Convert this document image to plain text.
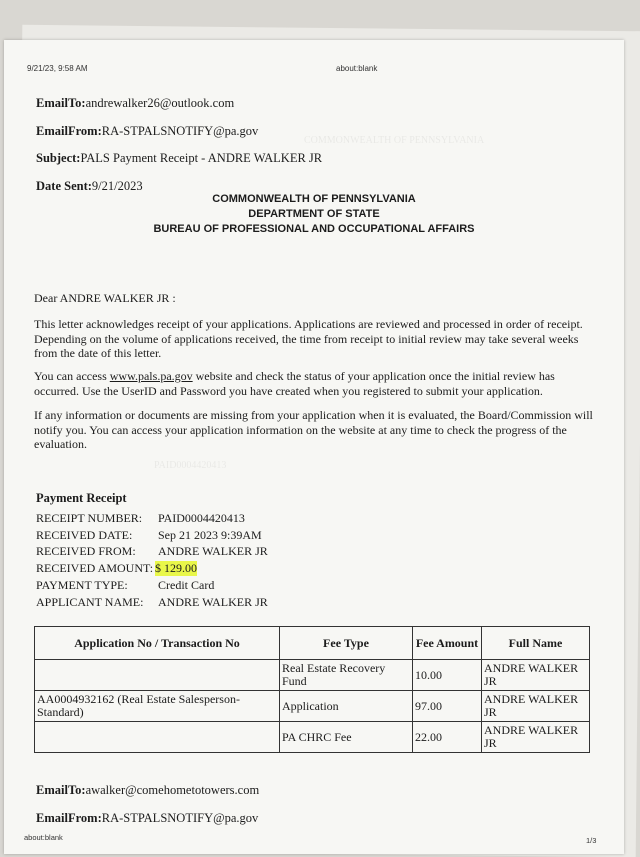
COMMONWEALTH OF PENNSYLVANIA
PAID0004420413
9/21/23, 9:58 AM	about:blank
EmailTo:andrewalker26@outlook.com
EmailFrom:RA-STPALSNOTIFY@pa.gov
Subject:PALS Payment Receipt - ANDRE WALKER JR
Date Sent:9/21/2023
COMMONWEALTH OF PENNSYLVANIA
DEPARTMENT OF STATE
BUREAU OF PROFESSIONAL AND OCCUPATIONAL AFFAIRS
Dear ANDRE WALKER JR :
This letter acknowledges receipt of your applications. Applications are reviewed and processed in order of receipt. Depending on the volume of applications received, the time from receipt to initial review may take several weeks from the date of this letter.
You can access www.pals.pa.gov website and check the status of your application once the initial review has occurred. Use the UserID and Password you have created when you registered to submit your application.
If any information or documents are missing from your application when it is evaluated, the Board/Commission will notify you. You can access your application information on the website at any time to check the progress of the evaluation.
Payment Receipt
RECEIPT NUMBER: PAID0004420413
RECEIVED DATE: Sep 21 2023 9:39AM
RECEIVED FROM: ANDRE WALKER JR
RECEIVED AMOUNT: $ 129.00
PAYMENT TYPE:	Credit Card
APPLICANT NAME: ANDRE WALKER JR
Application No / Transaction No	Fee Type	Fee Amount	Full Name
	Real Estate Recovery Fund	10.00	ANDRE WALKER JR
AA0004932162 (Real Estate Salesperson-Standard)	Application	97.00	ANDRE WALKER JR
	PA CHRC Fee	22.00	ANDRE WALKER JR
EmailTo:awalker@comehometotowers.com
EmailFrom:RA-STPALSNOTIFY@pa.gov
about:blank	1/3
